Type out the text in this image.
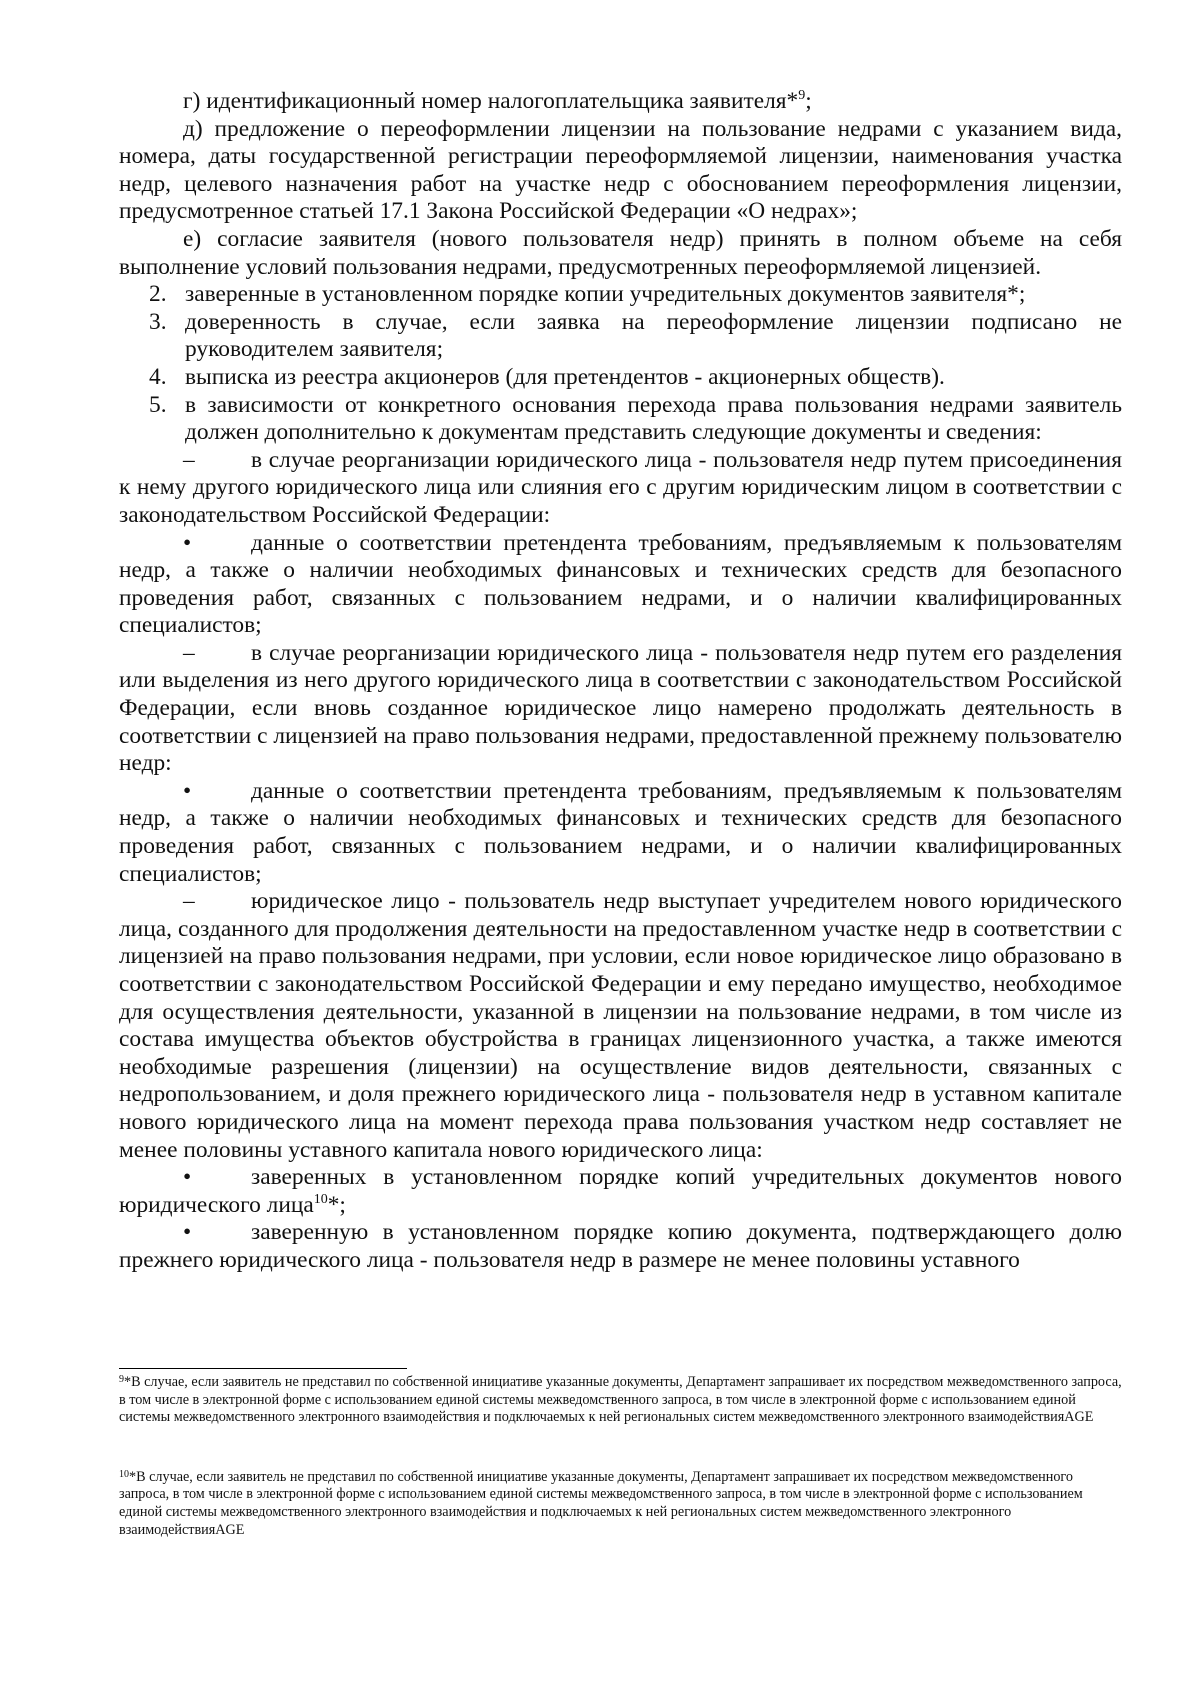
г) идентификационный номер налогоплательщика заявителя*$^9$;

д) предложение о переоформлении лицензии на пользование недрами с указанием вида, номера, даты государственной регистрации переоформляемой лицензии, наименования участка недр, целевого назначения работ на участке недр с обоснованием переоформления лицензии, предусмотренное статьей 17.1 Закона Российской Федерации «О недрах»;

е) согласие заявителя (нового пользователя недр) принять в полном объеме на себя выполнение условий пользования недрами, предусмотренных переоформляемой лицензией.

2. заверенные в установленном порядке копии учредительных документов заявителя*;

3. доверенность в случае, если заявка на переоформление лицензии подписано не руководителем заявителя;

4. выписка из реестра акционеров (для претендентов - акционерных обществ).

5. в зависимости от конкретного основания перехода права пользования недрами заявитель должен дополнительно к документам представить следующие документы и сведения:

– в случае реорганизации юридического лица - пользователя недр путем присоединения к нему другого юридического лица или слияния его с другим юридическим лицом в соответствии с законодательством Российской Федерации:

•	данные о соответствии претендента требованиям, предъявляемым к пользователям недр, а также о наличии необходимых финансовых и технических средств для безопасного проведения работ, связанных с пользованием недрами, и о наличии квалифицированных специалистов;

– в случае реорганизации юридического лица - пользователя недр путем его разделения или выделения из него другого юридического лица в соответствии с законодательством Российской Федерации, если вновь созданное юридическое лицо намерено продолжать деятельность в соответствии с лицензией на право пользования недрами, предоставленной прежнему пользователю недр:

•	данные о соответствии претендента требованиям, предъявляемым к пользователям недр, а также о наличии необходимых финансовых и технических средств для безопасного проведения работ, связанных с пользованием недрами, и о наличии квалифицированных специалистов;

– юридическое лицо - пользователь недр выступает учредителем нового юридического лица, созданного для продолжения деятельности на предоставленном участке недр в соответствии с лицензией на право пользования недрами, при условии, если новое юридическое лицо образовано в соответствии с законодательством Российской Федерации и ему передано имущество, необходимое для осуществления деятельности, указанной в лицензии на пользование недрами, в том числе из состава имущества объектов обустройства в границах лицензионного участка, а также имеются необходимые разрешения (лицензии) на осуществление видов деятельности, связанных с недропользованием, и доля прежнего юридического лица - пользователя недр в уставном капитале нового юридического лица на момент перехода права пользования участком недр составляет не менее половины уставного капитала нового юридического лица:

•	заверенных в установленном порядке копий учредительных документов нового юридического лица$^{10}$*;

•	заверенную в установленном порядке копию документа, подтверждающего долю прежнего юридического лица - пользователя недр в размере не менее половины уставного

$^9$*В случае, если заявитель не представил по собственной инициативе указанные документы, Департамент запрашивает их посредством межведомственного запроса, в том числе в электронной форме с использованием единой системы межведомственного запроса, в том числе в электронной форме с использованием единой системы межведомственного электронного взаимодействия и подключаемых к ней региональных систем межведомственного электронного взаимодействияAGE

$^{10}$*В случае, если заявитель не представил по собственной инициативе указанные документы, Департамент запрашивает их посредством межведомственного запроса, в том числе в электронной форме с использованием единой системы межведомственного запроса, в том числе в электронной форме с использованием единой системы межведомственного электронного взаимодействия и подключаемых к ней региональных систем межведомственного электронного взаимодействияAGE
